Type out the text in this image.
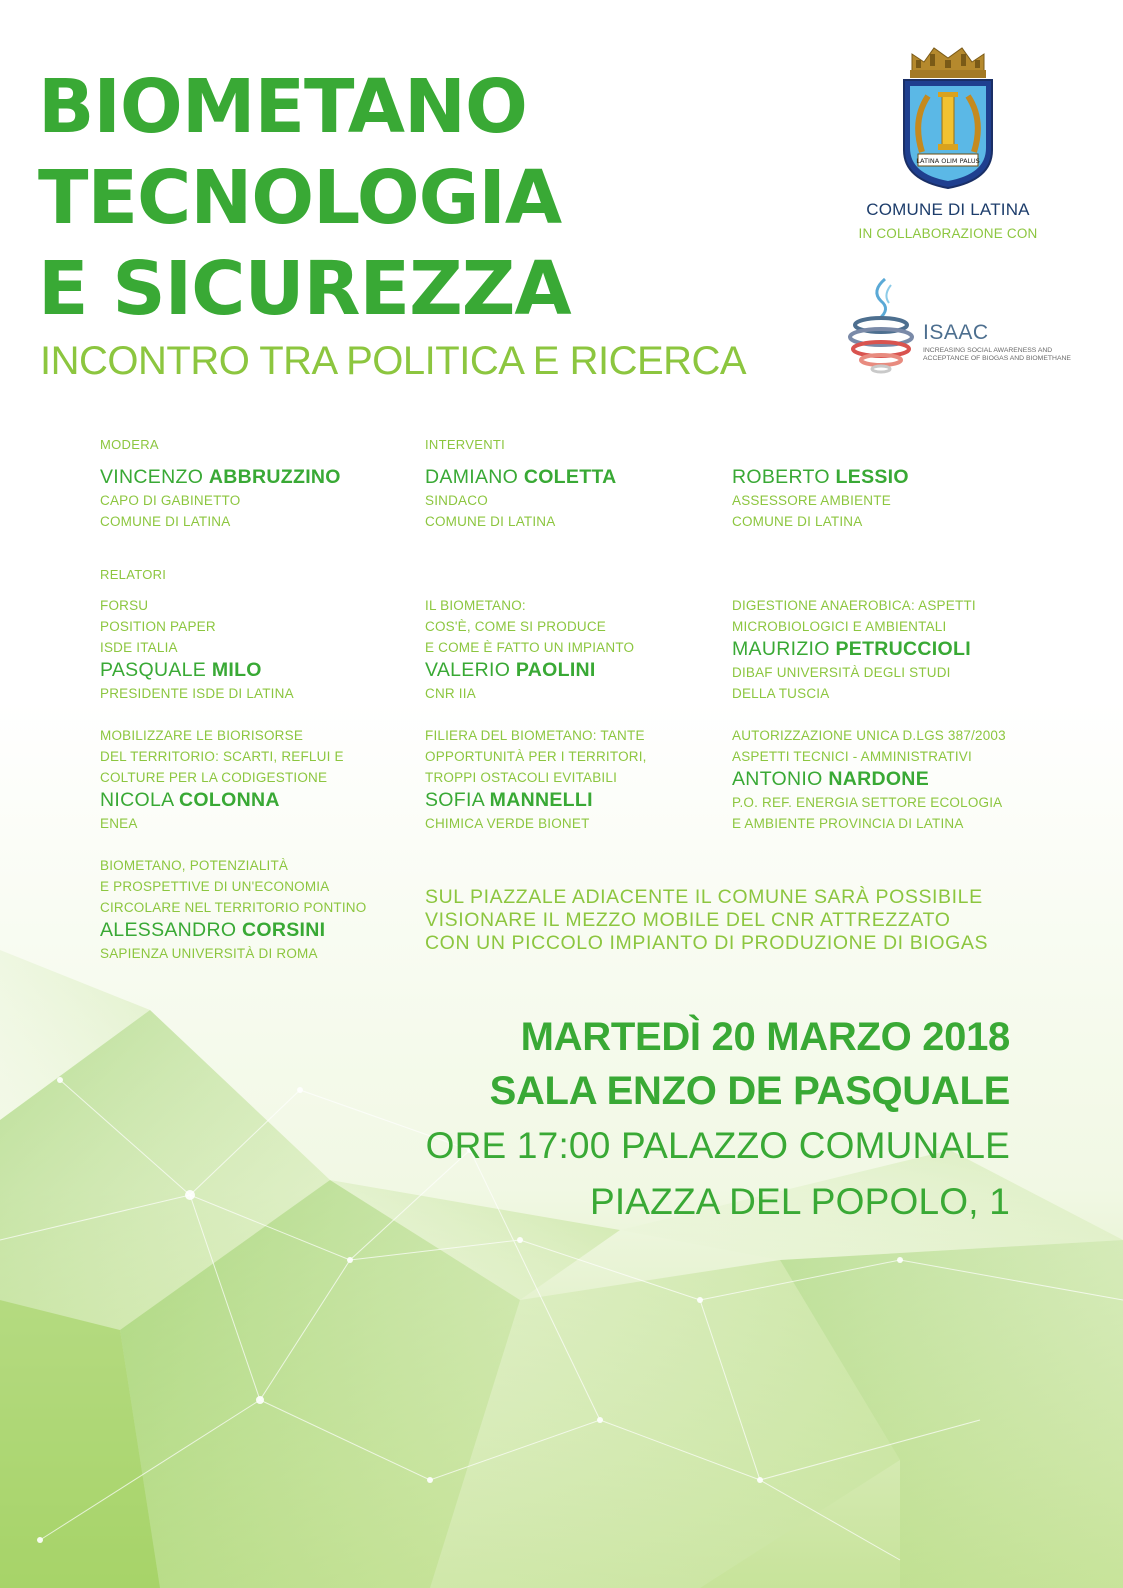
BIOMETANO
TECNOLOGIA
E SICUREZZA
INCONTRO TRA POLITICA E RICERCA
LATINA OLIM PALUS
COMUNE DI LATINA
IN COLLABORAZIONE CON
ISAAC
INCREASING SOCIAL AWARENESS AND ACCEPTANCE OF BIOGAS AND BIOMETHANE
MODERA	INTERVENTI
RELATORI
VINCENZO ABBRUZZINO
CAPO DI GABINETTO
COMUNE DI LATINA
DAMIANO COLETTA
SINDACO
COMUNE DI LATINA
ROBERTO LESSIO
ASSESSORE AMBIENTE
COMUNE DI LATINA
FORSU
POSITION PAPER
ISDE ITALIA
PASQUALE MILO
PRESIDENTE ISDE DI LATINA
IL BIOMETANO:
COS'È, COME SI PRODUCE
E COME È FATTO UN IMPIANTO
VALERIO PAOLINI
CNR IIA
DIGESTIONE ANAEROBICA: ASPETTI
MICROBIOLOGICI E AMBIENTALI
MAURIZIO PETRUCCIOLI
DIBAF UNIVERSITÀ DEGLI STUDI
DELLA TUSCIA
MOBILIZZARE LE BIORISORSE
DEL TERRITORIO: SCARTI, REFLUI E
COLTURE PER LA CODIGESTIONE
NICOLA COLONNA
ENEA
FILIERA DEL BIOMETANO: TANTE
OPPORTUNITÀ PER I TERRITORI,
TROPPI OSTACOLI EVITABILI
SOFIA MANNELLI
CHIMICA VERDE BIONET
AUTORIZZAZIONE UNICA D.LGS 387/2003
ASPETTI TECNICI - AMMINISTRATIVI
ANTONIO NARDONE
P.O. REF. ENERGIA SETTORE ECOLOGIA
E AMBIENTE PROVINCIA DI LATINA
BIOMETANO, POTENZIALITÀ
E PROSPETTIVE DI UN'ECONOMIA
CIRCOLARE NEL TERRITORIO PONTINO
ALESSANDRO CORSINI
SAPIENZA UNIVERSITÀ DI ROMA
SUL PIAZZALE ADIACENTE IL COMUNE SARÀ POSSIBILE
VISIONARE IL MEZZO MOBILE DEL CNR ATTREZZATO
CON UN PICCOLO IMPIANTO DI PRODUZIONE DI BIOGAS
MARTEDÌ 20 MARZO 2018
SALA ENZO DE PASQUALE
ORE 17:00 PALAZZO COMUNALE
PIAZZA DEL POPOLO, 1
